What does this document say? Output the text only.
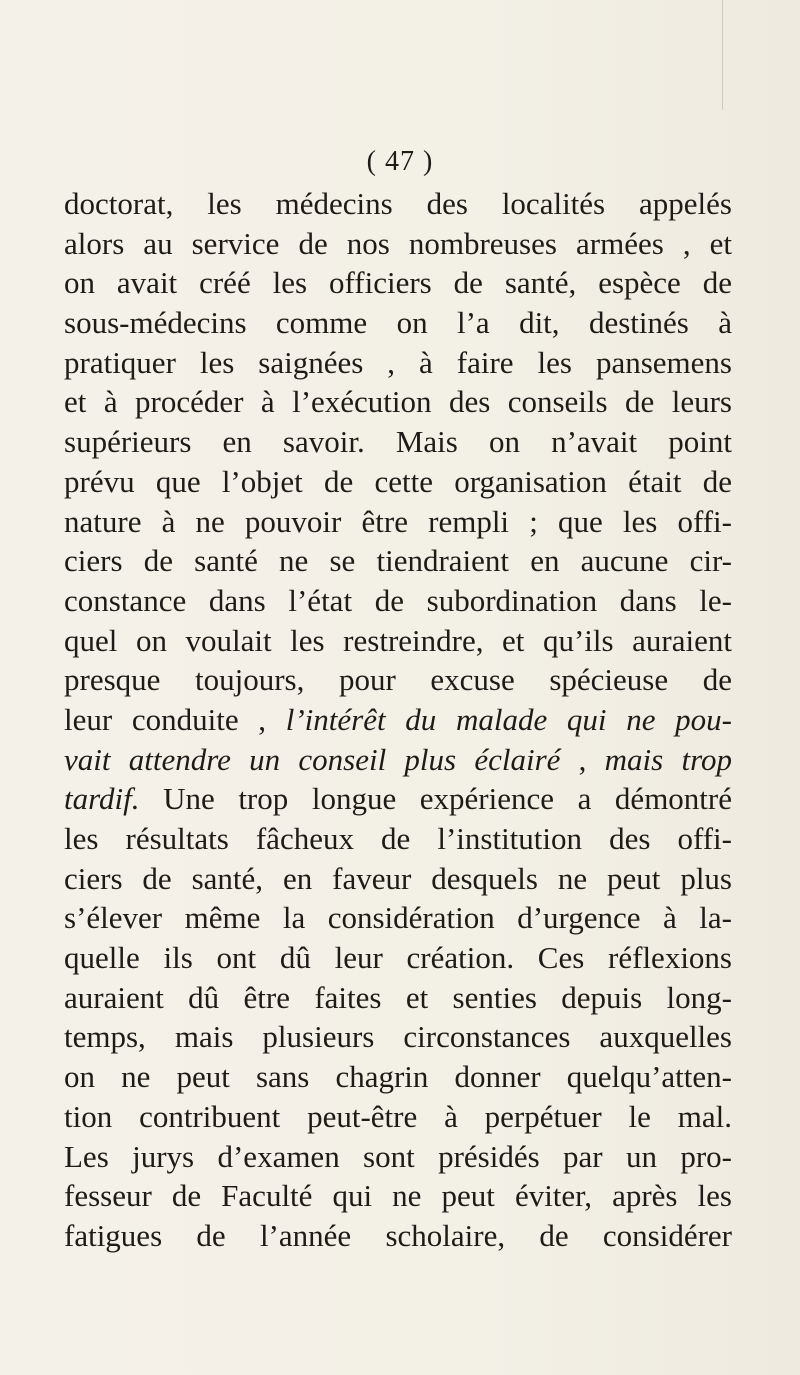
( 47 )
doctorat, les médecins des localités appelés
alors au service de nos nombreuses armées , et
on avait créé les officiers de santé, espèce de
sous-médecins comme on l’a dit, destinés à
pratiquer les saignées , à faire les pansemens
et à procéder à l’exécution des conseils de leurs
supérieurs en savoir. Mais on n’avait point
prévu que l’objet de cette organisation était de
nature à ne pouvoir être rempli ; que les offi-
ciers de santé ne se tiendraient en aucune cir-
constance dans l’état de subordination dans le-
quel on voulait les restreindre, et qu’ils auraient
presque toujours, pour excuse spécieuse de
leur conduite , l’intérêt du malade qui ne pou-
vait attendre un conseil plus éclairé , mais trop
tardif. Une trop longue expérience a démontré
les résultats fâcheux de l’institution des offi-
ciers de santé, en faveur desquels ne peut plus
s’élever même la considération d’urgence à la-
quelle ils ont dû leur création. Ces réflexions
auraient dû être faites et senties depuis long-
temps, mais plusieurs circonstances auxquelles
on ne peut sans chagrin donner quelqu’atten-
tion contribuent peut-être à perpétuer le mal.
Les jurys d’examen sont présidés par un pro-
fesseur de Faculté qui ne peut éviter, après les
fatigues de l’année scholaire, de considérer
